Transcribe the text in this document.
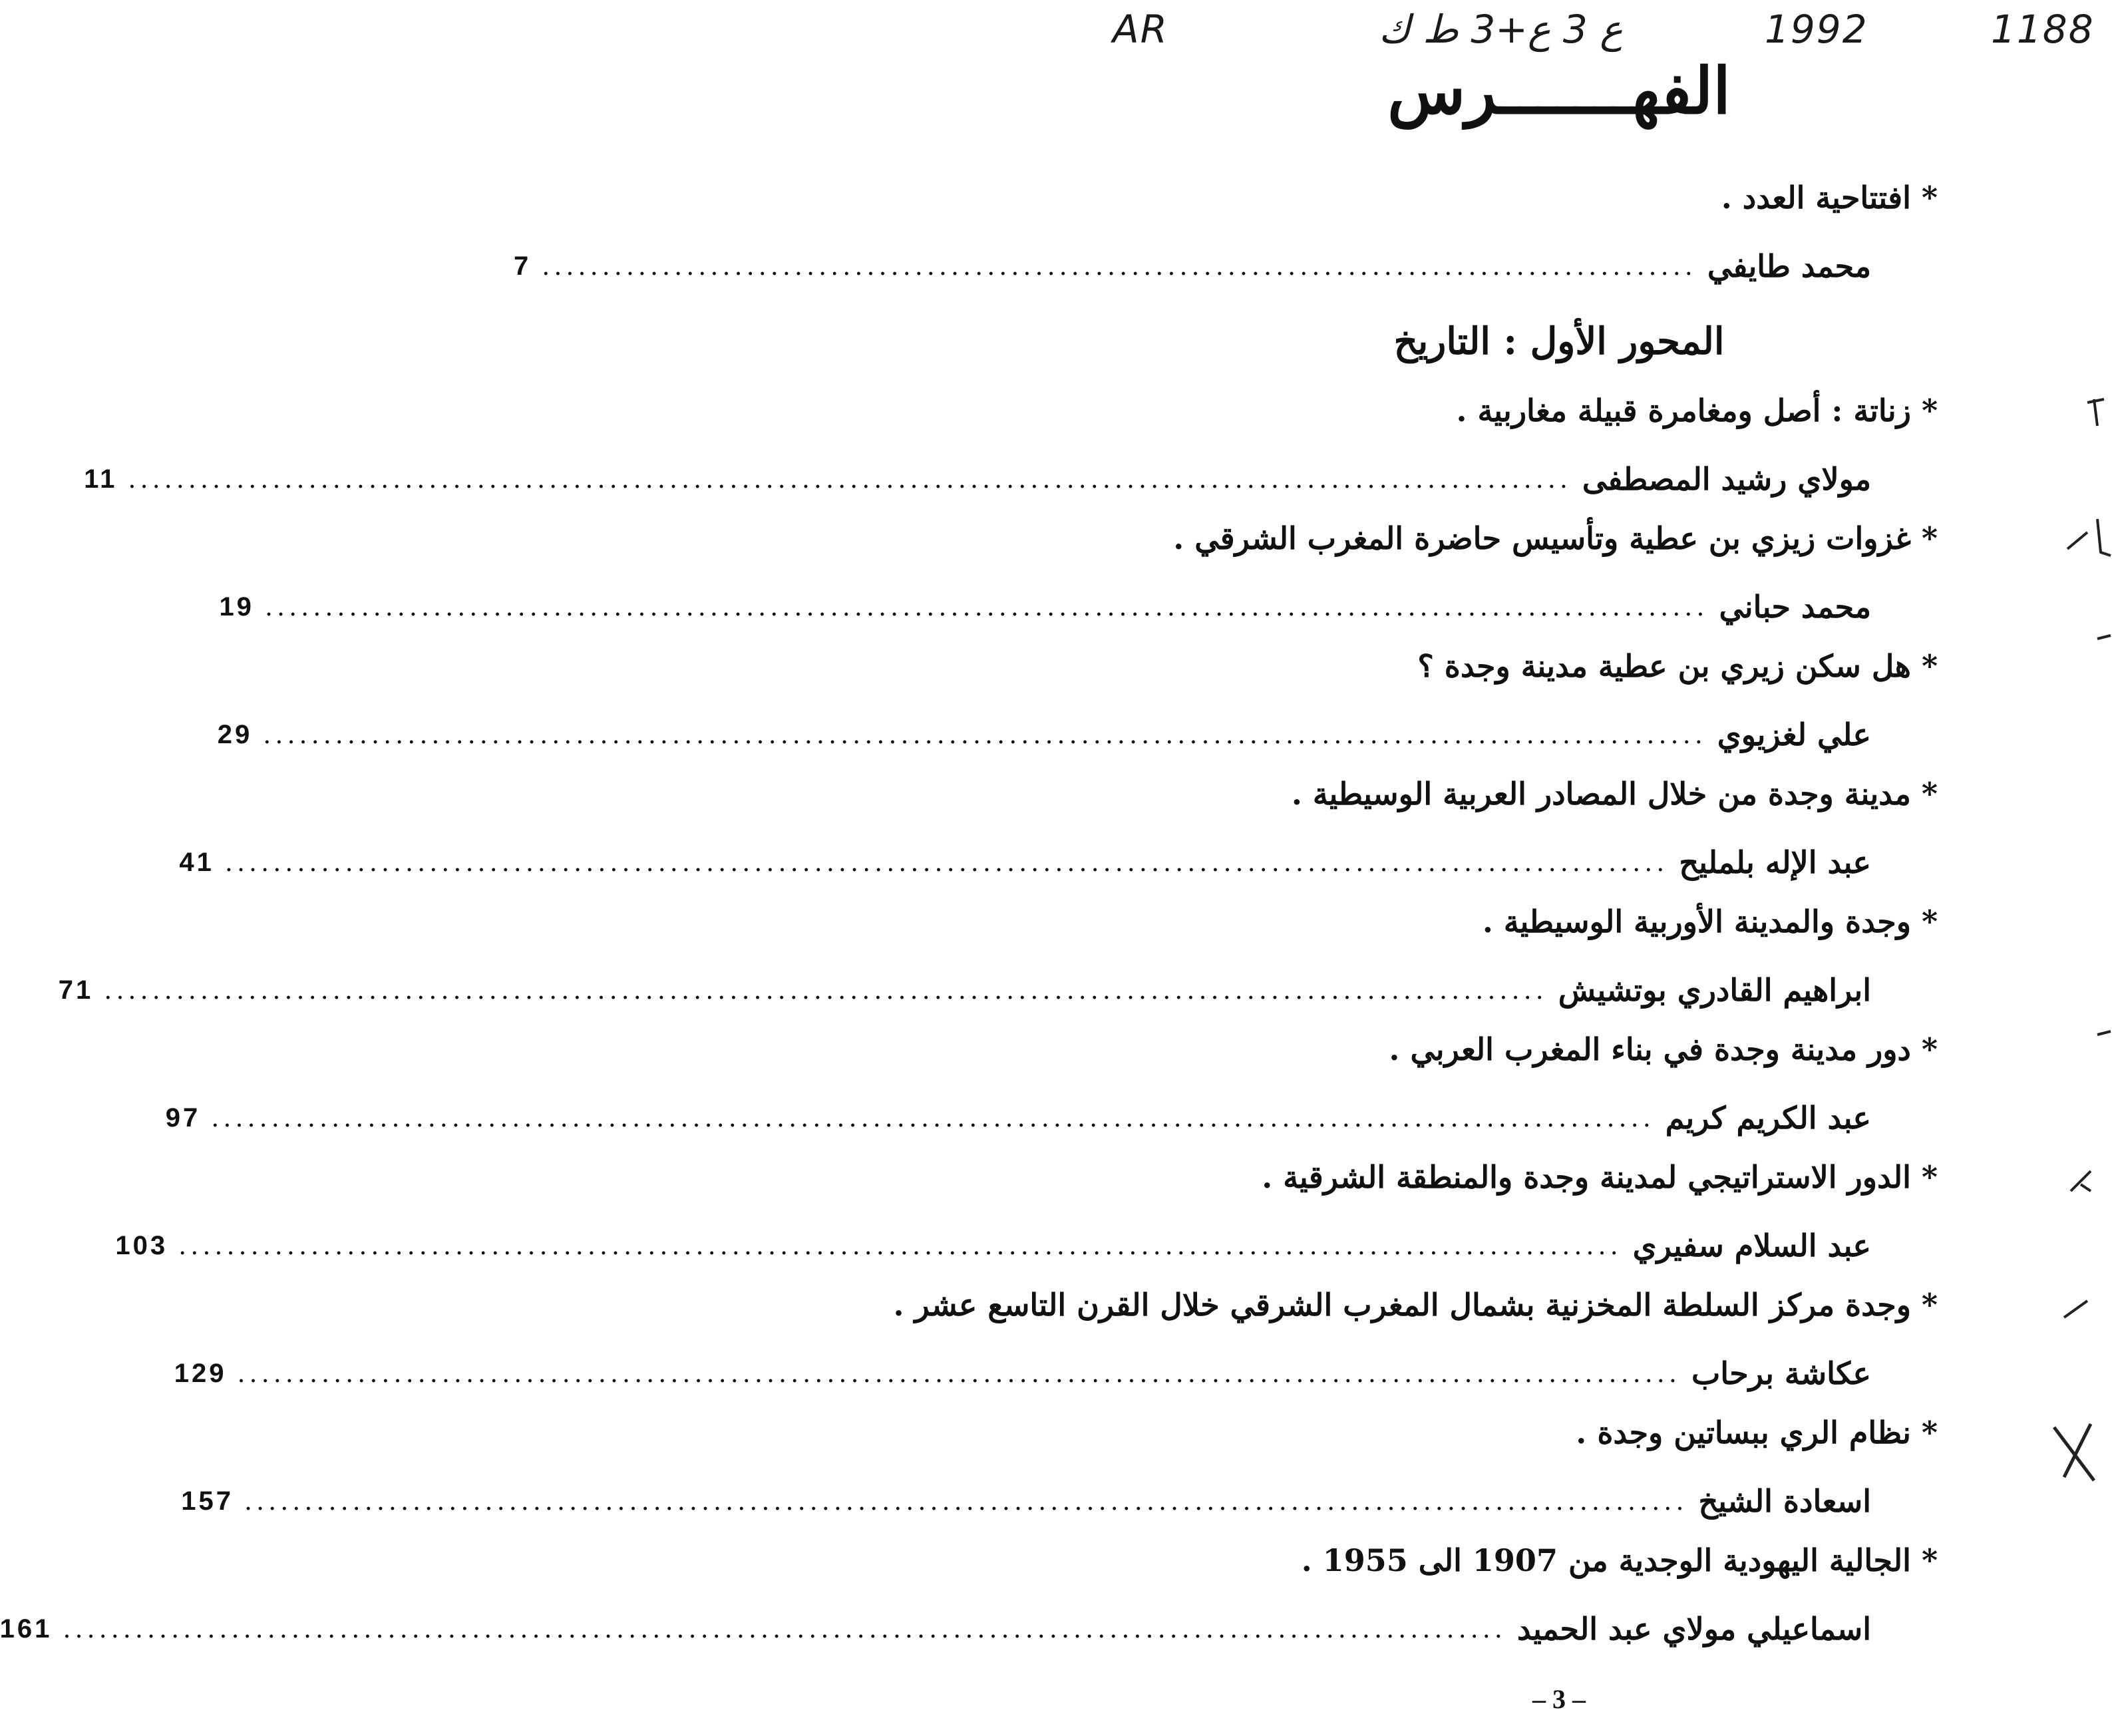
AR	ع 3 ع+3 ط ك	1992	1188
الفهـــــــرس
* افتتاحية العدد .
محمد طايفي
................................................................................................
7
المحور الأول : التاريخ
* زناتة : أصل ومغامرة قبيلة مغاربية .
مولاي رشيد المصطفى
........................................................................................................................
11
* غزوات زيزي بن عطية وتأسيس حاضرة المغرب الشرقي .
محمد حباني
........................................................................................................................
19
* هل سكن زيري بن عطية مدينة وجدة ؟
علي لغزيوي
........................................................................................................................
29
* مدينة وجدة من خلال المصادر العربية الوسيطية .
عبد الإله بلمليح
........................................................................................................................
41
* وجدة والمدينة الأوربية الوسيطية .
ابراهيم القادري بوتشيش
........................................................................................................................
71
* دور مدينة وجدة في بناء المغرب العربي .
عبد الكريم كريم
........................................................................................................................
97
* الدور الاستراتيجي لمدينة وجدة والمنطقة الشرقية .
عبد السلام سفيري
........................................................................................................................
103
* وجدة مركز السلطة المخزنية بشمال المغرب الشرقي خلال القرن التاسع عشر .
عكاشة برحاب
........................................................................................................................
129
* نظام الري ببساتين وجدة .
اسعادة الشيخ
........................................................................................................................
157
* الجالية اليهودية الوجدية من 1907 الى 1955 .
اسماعيلي مولاي عبد الحميد
........................................................................................................................
161
– 3 –
